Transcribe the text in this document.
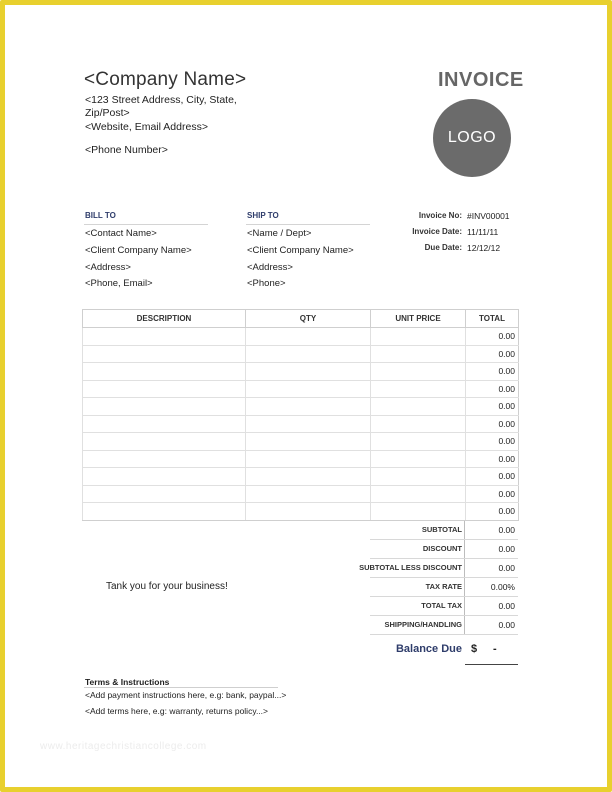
<Company Name>
<123 Street Address, City, State, Zip/Post>
<Website, Email Address>
<Phone Number>
INVOICE
LOGO
BILL TO
<Contact Name>
<Client Company Name>
<Address>
<Phone, Email>
SHIP TO
<Name / Dept>
<Client Company Name>
<Address>
<Phone>
Invoice No: #INV00001
Invoice Date: 11/11/11
Due Date: 12/12/12
DESCRIPTION	QTY	UNIT PRICE	TOTAL
			0.00
			0.00
			0.00
			0.00
			0.00
			0.00
			0.00
			0.00
			0.00
			0.00
			0.00
SUBTOTAL	0.00
DISCOUNT	0.00
SUBTOTAL LESS DISCOUNT	0.00
TAX RATE	0.00%
TOTAL TAX	0.00
SHIPPING/HANDLING	0.00
Balance Due $ -
Tank you for your business!
Terms & Instructions
<Add payment instructions here, e.g: bank, paypal...>
<Add terms here, e.g: warranty, returns policy...>
www.heritagechristiancollege.com
